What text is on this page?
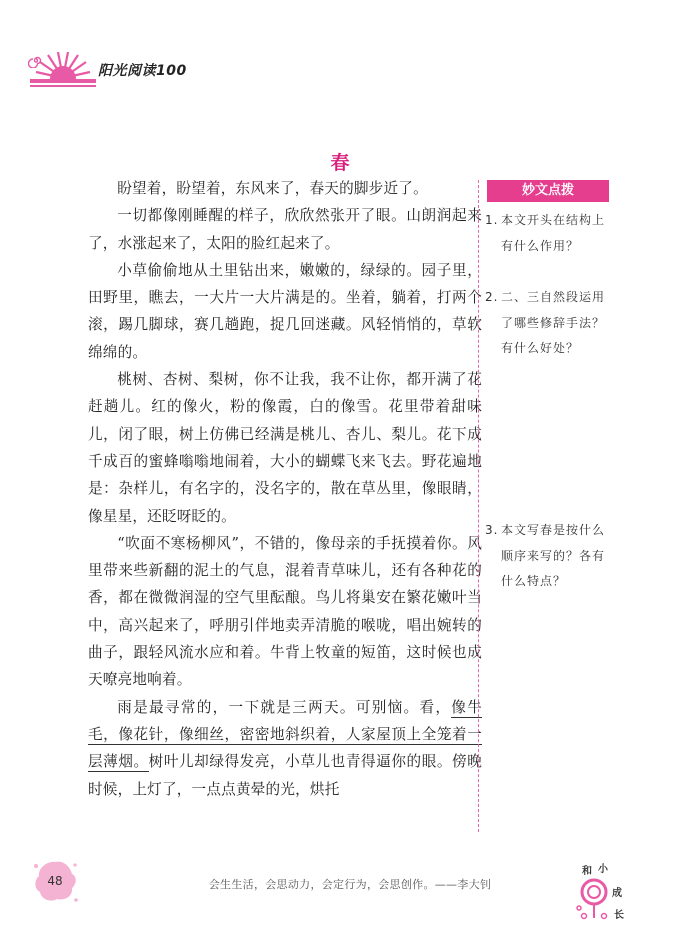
阳光阅读100
春

盼望着，盼望着，东风来了，春天的脚步近了。

一切都像刚睡醒的样子，欣欣然张开了眼。山朗润起来了，水涨起来了，太阳的脸红起来了。

小草偷偷地从土里钻出来，嫩嫩的，绿绿的。园子里，田野里，瞧去，一大片一大片满是的。坐着，躺着，打两个滚，踢几脚球，赛几趟跑，捉几回迷藏。风轻悄悄的，草软绵绵的。

桃树、杏树、梨树，你不让我，我不让你，都开满了花赶趟儿。红的像火，粉的像霞，白的像雪。花里带着甜味儿，闭了眼，树上仿佛已经满是桃儿、杏儿、梨儿。花下成千成百的蜜蜂嗡嗡地闹着，大小的蝴蝶飞来飞去。野花遍地是：杂样儿，有名字的，没名字的，散在草丛里，像眼睛，像星星，还眨呀眨的。

“吹面不寒杨柳风”，不错的，像母亲的手抚摸着你。风里带来些新翻的泥土的气息，混着青草味儿，还有各种花的香，都在微微润湿的空气里酝酿。鸟儿将巢安在繁花嫩叶当中，高兴起来了，呼朋引伴地卖弄清脆的喉咙，唱出婉转的曲子，跟轻风流水应和着。牛背上牧童的短笛，这时候也成天嘹亮地响着。

雨是最寻常的，一下就是三两天。可别恼。看，像牛毛，像花针，像细丝，密密地斜织着，人家屋顶上全笼着一层薄烟。树叶儿却绿得发亮，小草儿也青得逼你的眼。傍晚时候，上灯了，一点点黄晕的光，烘托

妙文点拨
1. 本文开头在结构上有什么作用？
2. 二、三自然段运用了哪些修辞手法？有什么好处？
3. 本文写春是按什么顺序来写的？各有什么特点？
48	会生生活，会思动力，会定行为，会思创作。——李大钊
和 小
成
长
